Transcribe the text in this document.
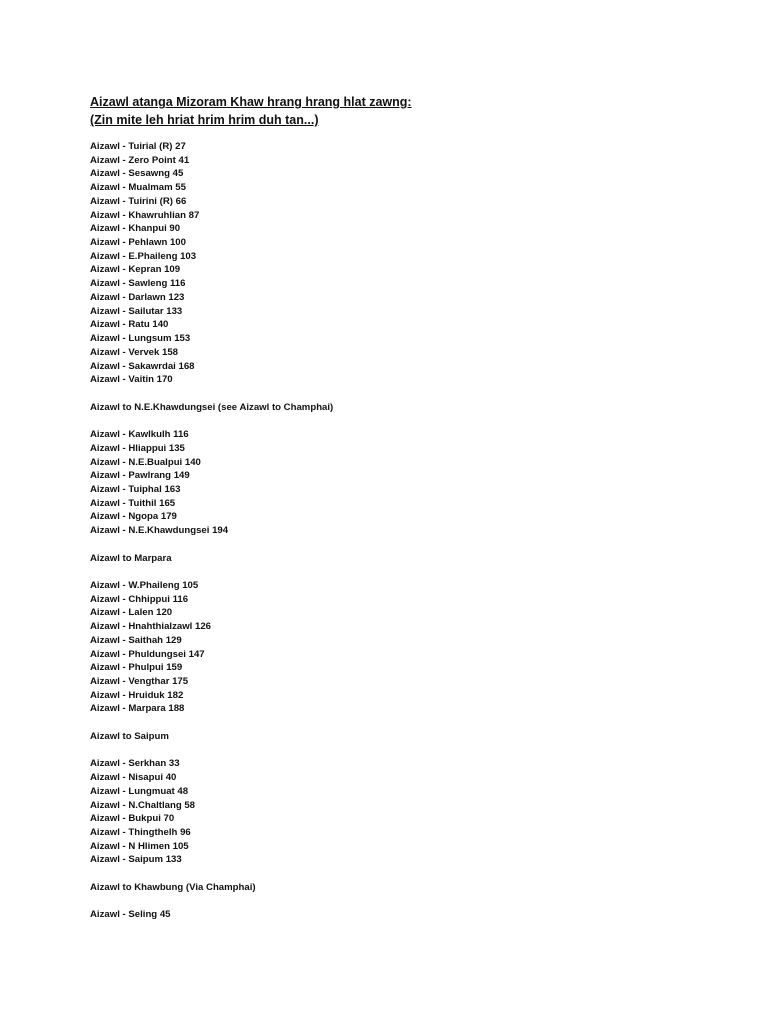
Aizawl atanga Mizoram Khaw hrang hrang hlat zawng:

(Zin mite leh hriat hrim hrim duh tan...)

Aizawl - Tuirial (R) 27
Aizawl - Zero Point 41
Aizawl - Sesawng 45
Aizawl - Mualmam 55
Aizawl - Tuirini (R) 66
Aizawl - Khawruhlian 87
Aizawl - Khanpui 90
Aizawl - Pehlawn 100
Aizawl - E.Phaileng 103
Aizawl - Kepran 109
Aizawl - Sawleng 116
Aizawl - Darlawn 123
Aizawl - Sailutar 133
Aizawl - Ratu 140
Aizawl - Lungsum 153
Aizawl - Vervek 158
Aizawl - Sakawrdai 168
Aizawl - Vaitin 170
Aizawl to N.E.Khawdungsei (see Aizawl to Champhai)
Aizawl - Kawlkulh 116
Aizawl - Hliappui 135
Aizawl - N.E.Bualpui 140
Aizawl - Pawlrang 149
Aizawl - Tuiphal 163
Aizawl - Tuithil 165
Aizawl - Ngopa 179
Aizawl - N.E.Khawdungsei 194
Aizawl to Marpara
Aizawl - W.Phaileng 105
Aizawl - Chhippui 116
Aizawl - Lalen 120
Aizawl - Hnahthialzawl 126
Aizawl - Saithah 129
Aizawl - Phuldungsei 147
Aizawl - Phulpui 159
Aizawl - Vengthar 175
Aizawl - Hruiduk 182
Aizawl - Marpara 188
Aizawl to Saipum
Aizawl - Serkhan 33
Aizawl - Nisapui 40
Aizawl - Lungmuat 48
Aizawl - N.Chaltlang 58
Aizawl - Bukpui 70
Aizawl - Thingthelh 96
Aizawl - N Hlimen 105
Aizawl - Saipum 133
Aizawl to Khawbung (Via Champhai)
Aizawl - Seling 45
